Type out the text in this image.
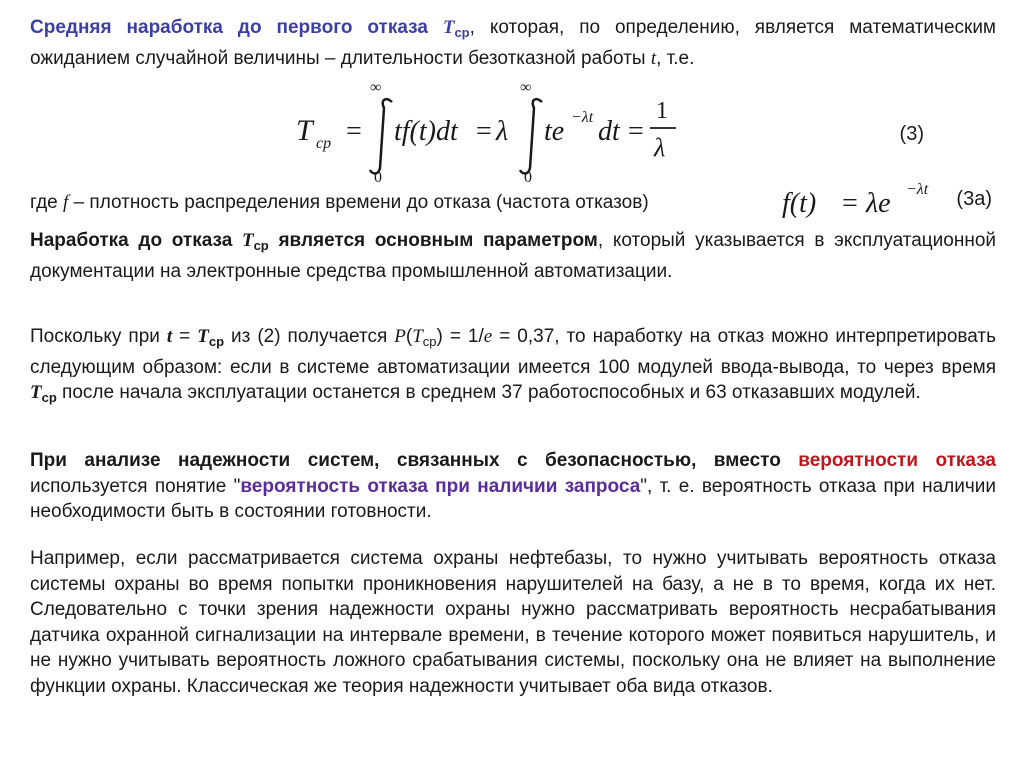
Средняя наработка до первого отказа $T_{ср}$, которая, по определению, является математическим ожиданием случайной величины – длительности безотказной работы t, т.е.

T cp =
∞
0
tf(t)dt = λ
∞
0
te −λt dt =
1
λ	(3)
где f – плотность распределения времени до отказа (частота отказов)	f(t) = λe −λt (3а)

Наработка до отказа $T_{ср}$ является основным параметром, который указывается в эксплуатационной документации на электронные средства промышленной автоматизации.

Поскольку при $t = T_{ср}$ из (2) получается $P(T_{ср}) = 1/e = 0,37$, то наработку на отказ можно интерпретировать следующим образом: если в системе автоматизации имеется 100 модулей ввода-вывода, то через время $T_{ср}$ после начала эксплуатации останется в среднем 37 работоспособных и 63 отказавших модулей.

При анализе надежности систем, связанных с безопасностью, вместо вероятности отказа используется понятие "вероятность отказа при наличии запроса", т. е. вероятность отказа при наличии необходимости быть в состоянии готовности.

Например, если рассматривается система охраны нефтебазы, то нужно учитывать вероятность отказа системы охраны во время попытки проникновения нарушителей на базу, а не в то время, когда их нет. Следовательно с точки зрения надежности охраны нужно рассматривать вероятность несрабатывания датчика охранной сигнализации на интервале времени, в течение которого может появиться нарушитель, и не нужно учитывать вероятность ложного срабатывания системы, поскольку она не влияет на выполнение функции охраны. Классическая же теория надежности учитывает оба вида отказов.
